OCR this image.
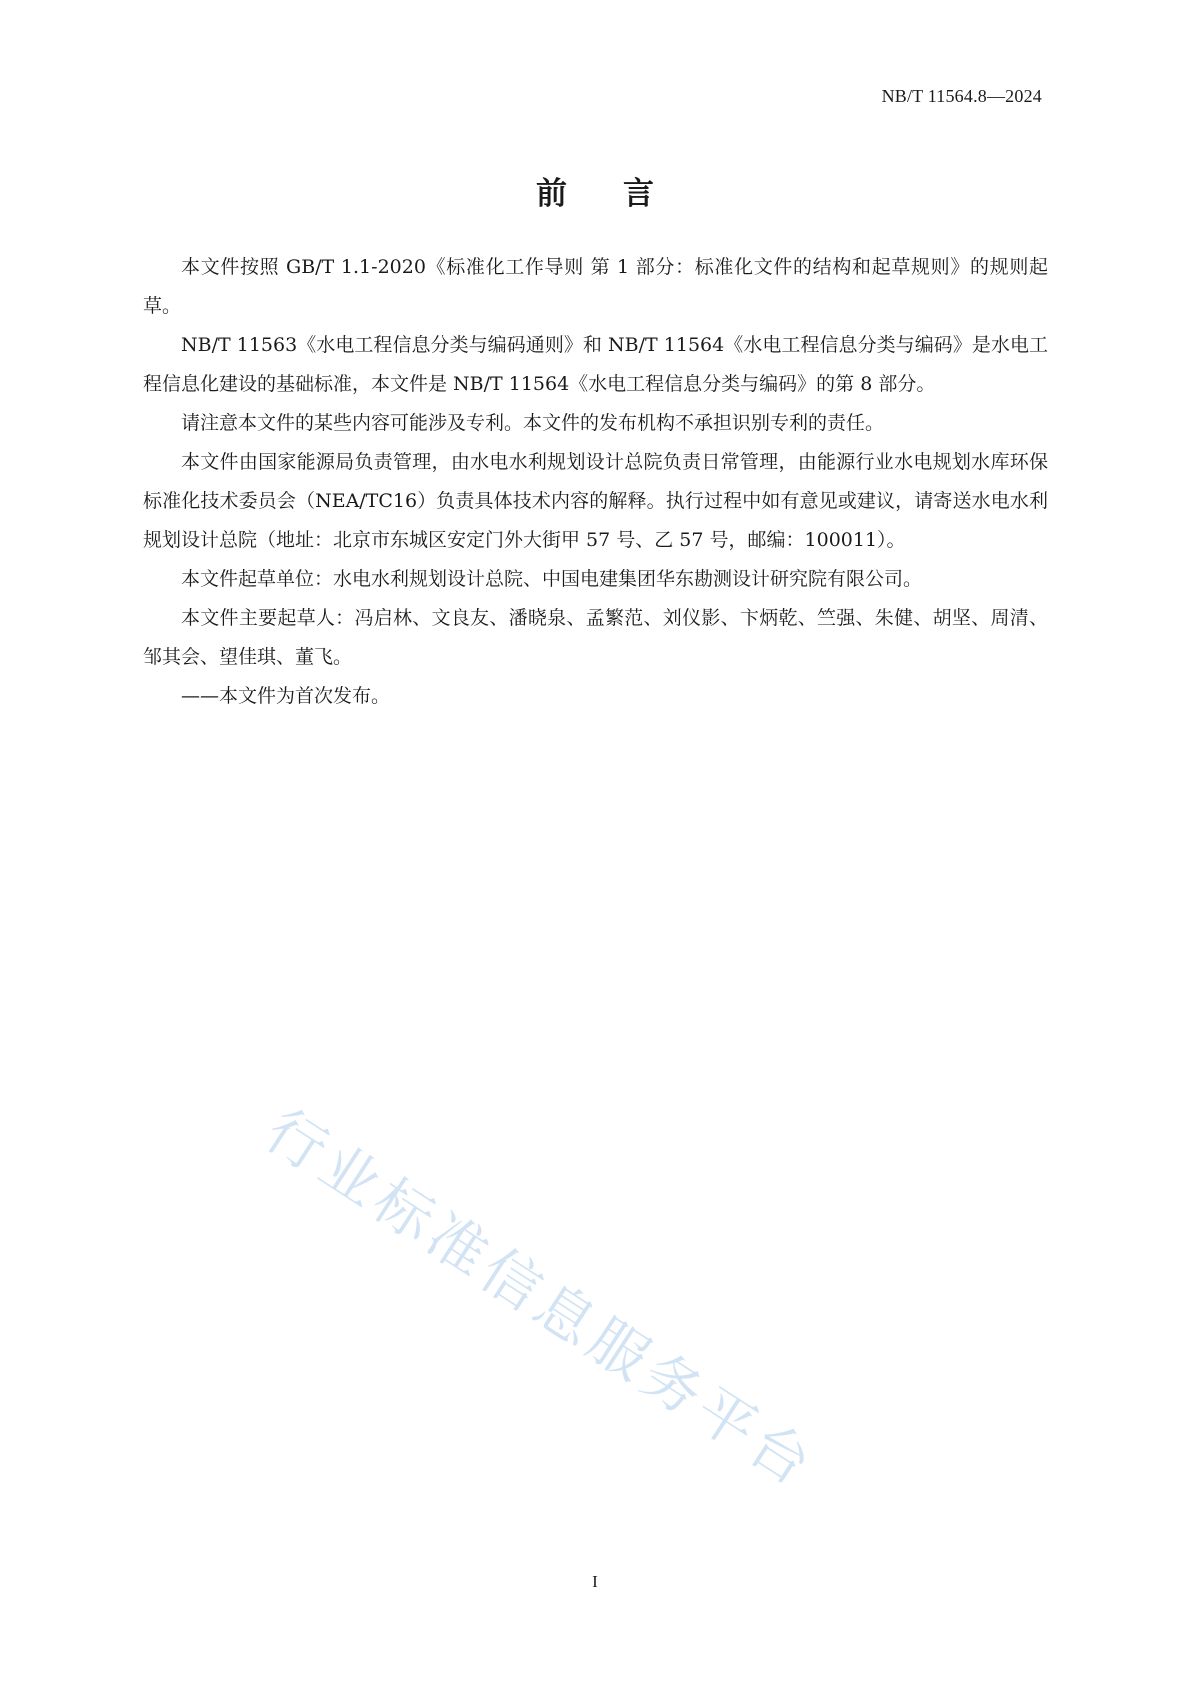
NB/T 11564.8—2024
前 言

本文件按照 GB/T 1.1-2020《标准化工作导则 第 1 部分：标准化文件的结构和起草规则》的规则起草。

NB/T 11563《水电工程信息分类与编码通则》和 NB/T 11564《水电工程信息分类与编码》是水电工程信息化建设的基础标准，本文件是 NB/T 11564《水电工程信息分类与编码》的第 8 部分。

请注意本文件的某些内容可能涉及专利。本文件的发布机构不承担识别专利的责任。

本文件由国家能源局负责管理，由水电水利规划设计总院负责日常管理，由能源行业水电规划水库环保标准化技术委员会（NEA/TC16）负责具体技术内容的解释。执行过程中如有意见或建议，请寄送水电水利规划设计总院（地址：北京市东城区安定门外大街甲 57 号、乙 57 号，邮编：100011）。

本文件起草单位：水电水利规划设计总院、中国电建集团华东勘测设计研究院有限公司。

本文件主要起草人：冯启林、文良友、潘晓泉、孟繁范、刘仪影、卞炳乾、竺强、朱健、胡坚、周清、邹其会、望佳琪、董飞。

——本文件为首次发布。

行业标准信息服务平台
I
